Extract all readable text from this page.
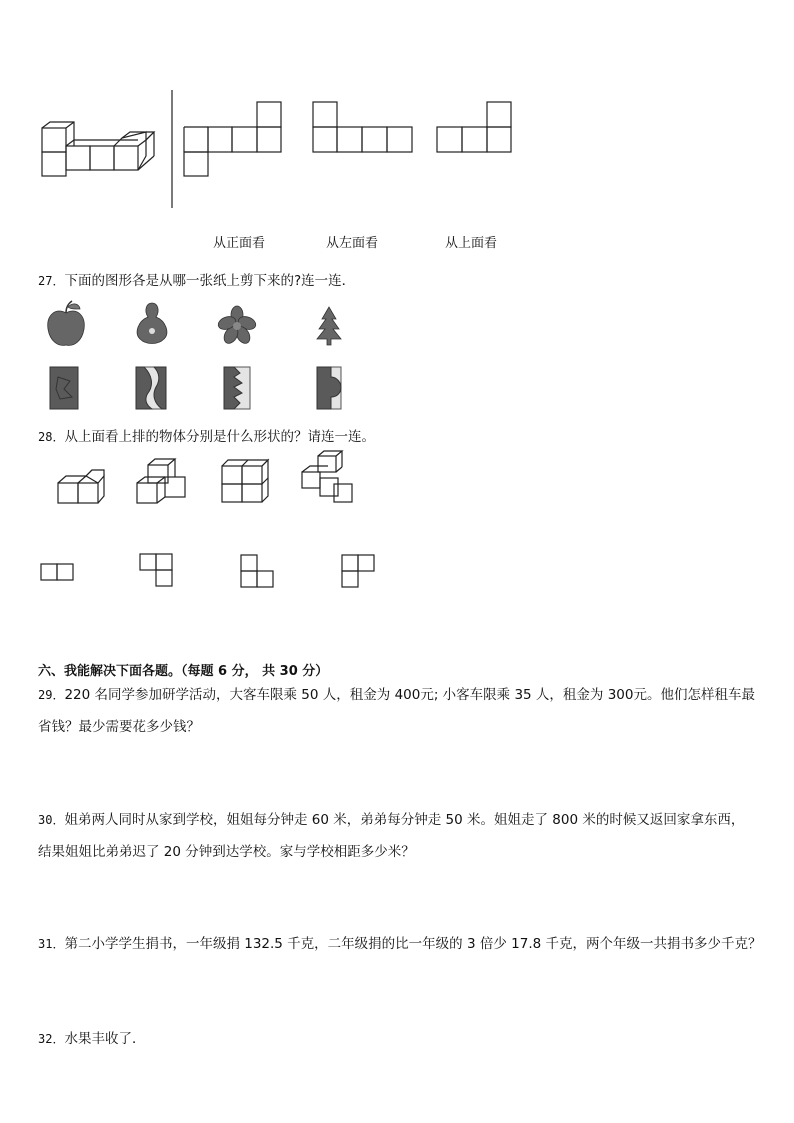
从正面看	从左面看	从上面看
27．下面的图形各是从哪一张纸上剪下来的?连一连．
28．从上面看上排的物体分别是什么形状的？请连一连。
六、我能解决下面各题。（每题 6 分， 共 30 分）
29．220 名同学参加研学活动，大客车限乘 50 人，租金为 400元; 小客车限乘 35 人，租金为 300元。他们怎样租车最
省钱？最少需要花多少钱？
30．姐弟两人同时从家到学校，姐姐每分钟走 60 米，弟弟每分钟走 50 米。姐姐走了 800 米的时候又返回家拿东西，
结果姐姐比弟弟迟了 20 分钟到达学校。家与学校相距多少米？
31．第二小学学生捐书，一年级捐 132.5 千克，二年级捐的比一年级的 3 倍少 17.8 千克，两个年级一共捐书多少千克？
32．水果丰收了．
